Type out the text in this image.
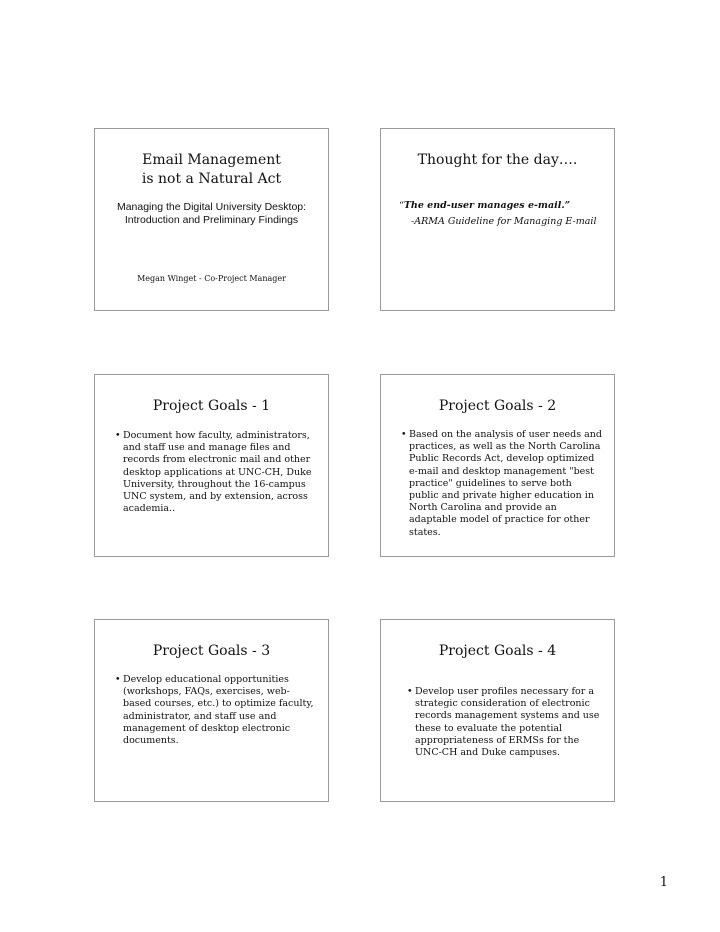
Email Management
is not a Natural Act
Managing the Digital University Desktop: Introduction and Preliminary Findings
Megan Winget - Co-Project Manager
Thought for the day….
“The end-user manages e-mail.”
-ARMA Guideline for Managing E-mail
Project Goals - 1
• Document how faculty, administrators, and staff use and manage files and records from electronic mail and other desktop applications at UNC-CH, Duke University, throughout the 16-campus UNC system, and by extension, across academia..
Project Goals - 2
• Based on the analysis of user needs and practices, as well as the North Carolina Public Records Act, develop optimized e-mail and desktop management "best practice" guidelines to serve both public and private higher education in North Carolina and provide an adaptable model of practice for other states.
Project Goals - 3
• Develop educational opportunities (workshops, FAQs, exercises, web-based courses, etc.) to optimize faculty, administrator, and staff use and management of desktop electronic documents.
Project Goals - 4
• Develop user profiles necessary for a strategic consideration of electronic records management systems and use these to evaluate the potential appropriateness of ERMSs for the UNC-CH and Duke campuses.
1
